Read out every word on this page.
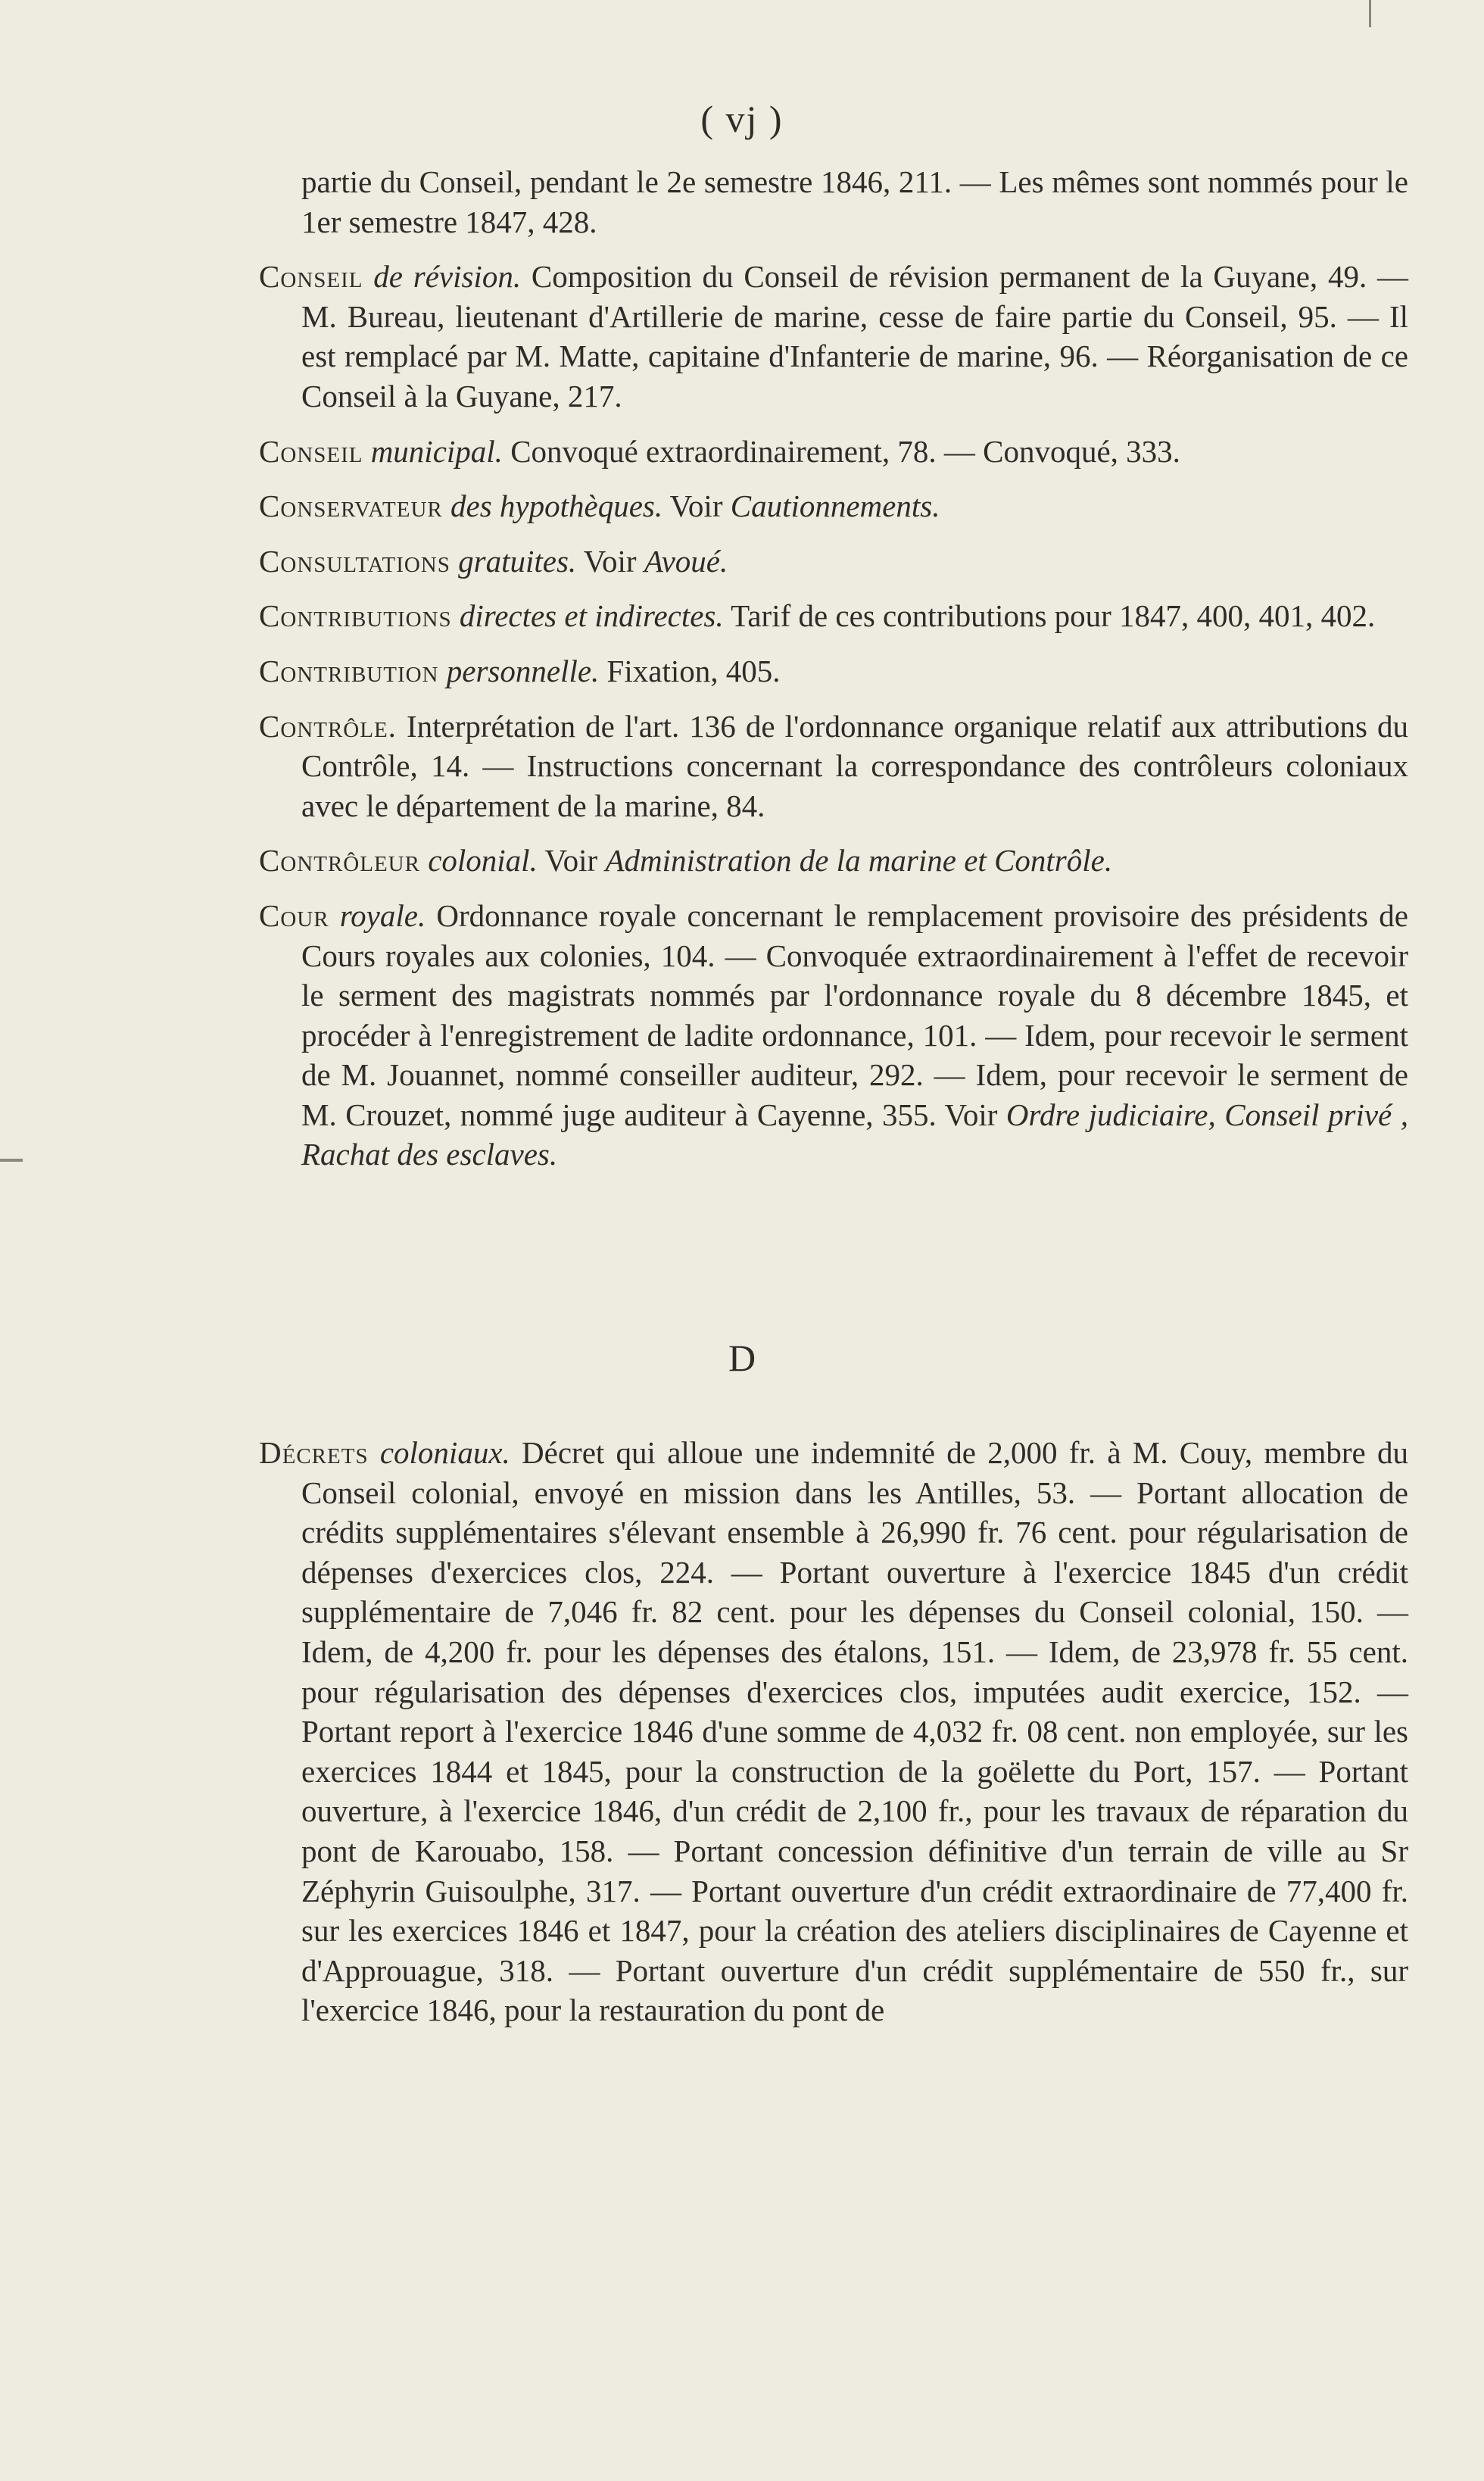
( vj )

partie du Conseil, pendant le 2e semestre 1846, 211. — Les mêmes sont nommés pour le 1er semestre 1847, 428.

Conseil de révision. Composition du Conseil de révision permanent de la Guyane, 49. — M. Bureau, lieutenant d'Artillerie de marine, cesse de faire partie du Conseil, 95. — Il est remplacé par M. Matte, capitaine d'Infanterie de marine, 96. — Réorganisation de ce Conseil à la Guyane, 217.

Conseil municipal. Convoqué extraordinairement, 78. — Convoqué, 333.

Conservateur des hypothèques. Voir Cautionnements.

Consultations gratuites. Voir Avoué.

Contributions directes et indirectes. Tarif de ces contributions pour 1847, 400, 401, 402.

Contribution personnelle. Fixation, 405.

Contrôle. Interprétation de l'art. 136 de l'ordonnance organique relatif aux attributions du Contrôle, 14. — Instructions concernant la correspondance des contrôleurs coloniaux avec le département de la marine, 84.

Contrôleur colonial. Voir Administration de la marine et Contrôle.

Cour royale. Ordonnance royale concernant le remplacement provisoire des présidents de Cours royales aux colonies, 104. — Convoquée extraordinairement à l'effet de recevoir le serment des magistrats nommés par l'ordonnance royale du 8 décembre 1845, et procéder à l'enregistrement de ladite ordonnance, 101. — Idem, pour recevoir le serment de M. Jouannet, nommé conseiller auditeur, 292. — Idem, pour recevoir le serment de M. Crouzet, nommé juge auditeur à Cayenne, 355. Voir Ordre judiciaire, Conseil privé , Rachat des esclaves.

D

Décrets coloniaux. Décret qui alloue une indemnité de 2,000 fr. à M. Couy, membre du Conseil colonial, envoyé en mission dans les Antilles, 53. — Portant allocation de crédits supplémentaires s'élevant ensemble à 26,990 fr. 76 cent. pour régularisation de dépenses d'exercices clos, 224. — Portant ouverture à l'exercice 1845 d'un crédit supplémentaire de 7,046 fr. 82 cent. pour les dépenses du Conseil colonial, 150. — Idem, de 4,200 fr. pour les dépenses des étalons, 151. — Idem, de 23,978 fr. 55 cent. pour régularisation des dépenses d'exercices clos, imputées audit exercice, 152. — Portant report à l'exercice 1846 d'une somme de 4,032 fr. 08 cent. non employée, sur les exercices 1844 et 1845, pour la construction de la goëlette du Port, 157. — Portant ouverture, à l'exercice 1846, d'un crédit de 2,100 fr., pour les travaux de réparation du pont de Karouabo, 158. — Portant concession définitive d'un terrain de ville au Sr Zéphyrin Guisoulphe, 317. — Portant ouverture d'un crédit extraordinaire de 77,400 fr. sur les exercices 1846 et 1847, pour la création des ateliers disciplinaires de Cayenne et d'Approuague, 318. — Portant ouverture d'un crédit supplémentaire de 550 fr., sur l'exercice 1846, pour la restauration du pont de
